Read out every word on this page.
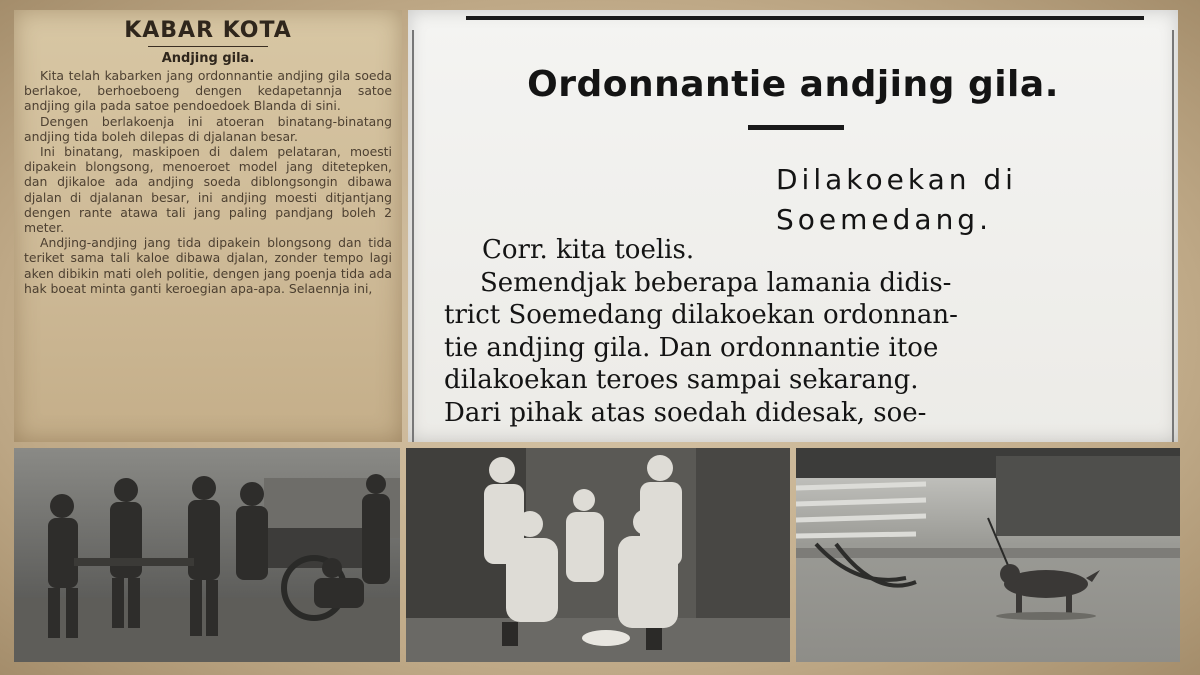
KABAR KOTA
Andjing gila.

Kita telah kabarken jang ordonnantie andjing gila soeda berlakoe, berhoeboeng dengen kedapetannja satoe andjing gila pada satoe pendoedoek Blanda di sini.

Dengen berlakoenja ini atoeran binatang-binatang andjing tida boleh dilepas di djalanan besar.

Ini binatang, maskipoen di dalem pelataran, moesti dipakein blongsong, menoeroet model jang ditetepken, dan djikaloe ada andjing soeda diblongsongin dibawa djalan di djalanan besar, ini andjing moesti ditjantjang dengen rante atawa tali jang paling pandjang boleh 2 meter.

Andjing-andjing jang tida dipakein blongsong dan tida teriket sama tali kaloe dibawa djalan, zonder tempo lagi aken dibikin mati oleh politie, dengen jang poenja tida ada hak boeat minta ganti keroegian apa-apa. Selaennja ini,

Ordonnantie andjing gila.
Dilakoekan di
Soemedang.
Corr. kita toelis.
Semendjak beberapa lamania didis-
trict Soemedang dilakoekan ordonnan-
tie andjing gila. Dan ordonnantie itoe
dilakoekan teroes sampai sekarang.
Dari pihak atas soedah didesak, soe-
